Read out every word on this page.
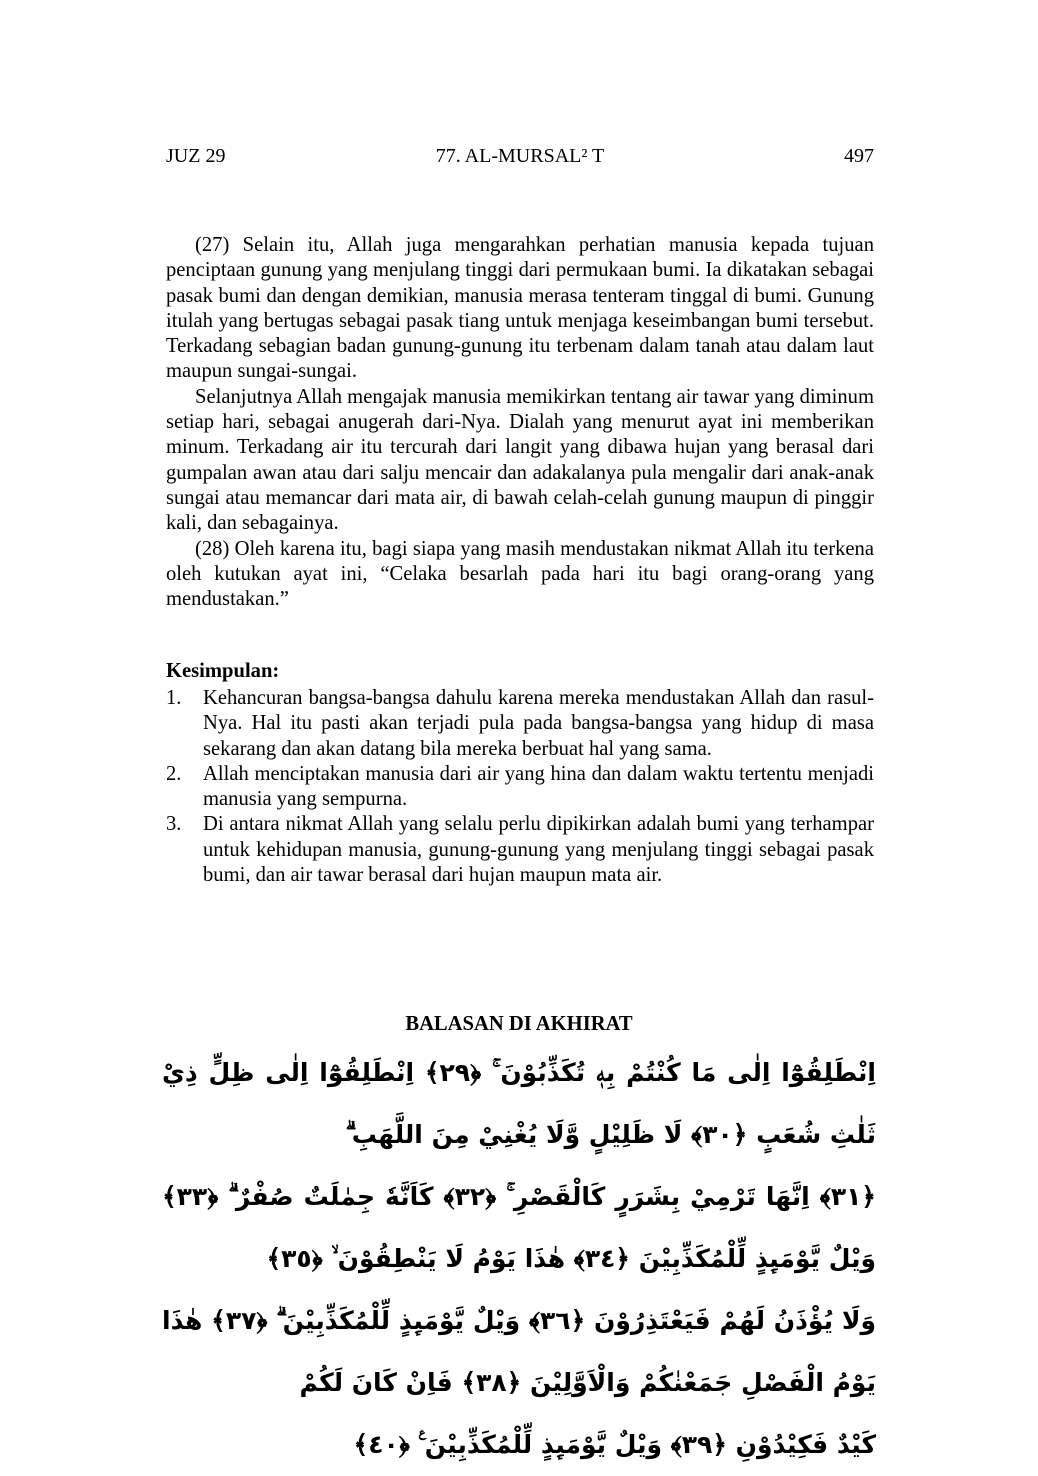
JUZ 29	77. AL-MURSAL² T	497

(27) Selain itu, Allah juga mengarahkan perhatian manusia kepada tujuan penciptaan gunung yang menjulang tinggi dari permukaan bumi. Ia dikatakan sebagai pasak bumi dan dengan demikian, manusia merasa tenteram tinggal di bumi. Gunung itulah yang bertugas sebagai pasak tiang untuk menjaga keseimbangan bumi tersebut. Terkadang sebagian badan gunung-gunung itu terbenam dalam tanah atau dalam laut maupun sungai-sungai.

Selanjutnya Allah mengajak manusia memikirkan tentang air tawar yang diminum setiap hari, sebagai anugerah dari-Nya. Dialah yang menurut ayat ini memberikan minum. Terkadang air itu tercurah dari langit yang dibawa hujan yang berasal dari gumpalan awan atau dari salju mencair dan adakalanya pula mengalir dari anak-anak sungai atau memancar dari mata air, di bawah celah-celah gunung maupun di pinggir kali, dan sebagainya.

(28) Oleh karena itu, bagi siapa yang masih mendustakan nikmat Allah itu terkena oleh kutukan ayat ini, “Celaka besarlah pada hari itu bagi orang-orang yang mendustakan.”

Kesimpulan:
1. Kehancuran bangsa-bangsa dahulu karena mereka mendustakan Allah dan rasul-Nya. Hal itu pasti akan terjadi pula pada bangsa-bangsa yang hidup di masa sekarang dan akan datang bila mereka berbuat hal yang sama.
2. Allah menciptakan manusia dari air yang hina dan dalam waktu tertentu menjadi manusia yang sempurna.
3. Di antara nikmat Allah yang selalu perlu dipikirkan adalah bumi yang terhampar untuk kehidupan manusia, gunung-gunung yang menjulang tinggi sebagai pasak bumi, dan air tawar berasal dari hujan maupun mata air.
BALASAN DI AKHIRAT
اِنْطَلِقُوْٓا اِلٰى مَا كُنْتُمْ بِهٖ تُكَذِّبُوْنَ ۚ ﴿٢٩﴾ اِنْطَلِقُوْٓا اِلٰى ظِلٍّ ذِيْ ثَلٰثِ شُعَبٍ ﴿٣٠﴾ لَا ظَلِيْلٍ وَّلَا يُغْنِيْ مِنَ اللَّهَبِ ۗ
﴿٣١﴾ اِنَّهَا تَرْمِيْ بِشَرَرٍ كَالْقَصْرِ ۚ ﴿٣٢﴾ كَاَنَّهٗ جِمٰلَتٌ صُفْرٌ ۗ ﴿٣٣﴾ وَيْلٌ يَّوْمَىِٕذٍ لِّلْمُكَذِّبِيْنَ ﴿٣٤﴾ هٰذَا يَوْمُ لَا يَنْطِقُوْنَ ۙ ﴿٣٥﴾
وَلَا يُؤْذَنُ لَهُمْ فَيَعْتَذِرُوْنَ ﴿٣٦﴾ وَيْلٌ يَّوْمَىِٕذٍ لِّلْمُكَذِّبِيْنَ ۗ ﴿٣٧﴾ هٰذَا يَوْمُ الْفَصْلِ جَمَعْنٰكُمْ وَالْاَوَّلِيْنَ ﴿٣٨﴾ فَاِنْ كَانَ لَكُمْ
كَيْدٌ فَكِيْدُوْنِ ﴿٣٩﴾ وَيْلٌ يَّوْمَىِٕذٍ لِّلْمُكَذِّبِيْنَ ࣖ ﴿٤٠﴾
